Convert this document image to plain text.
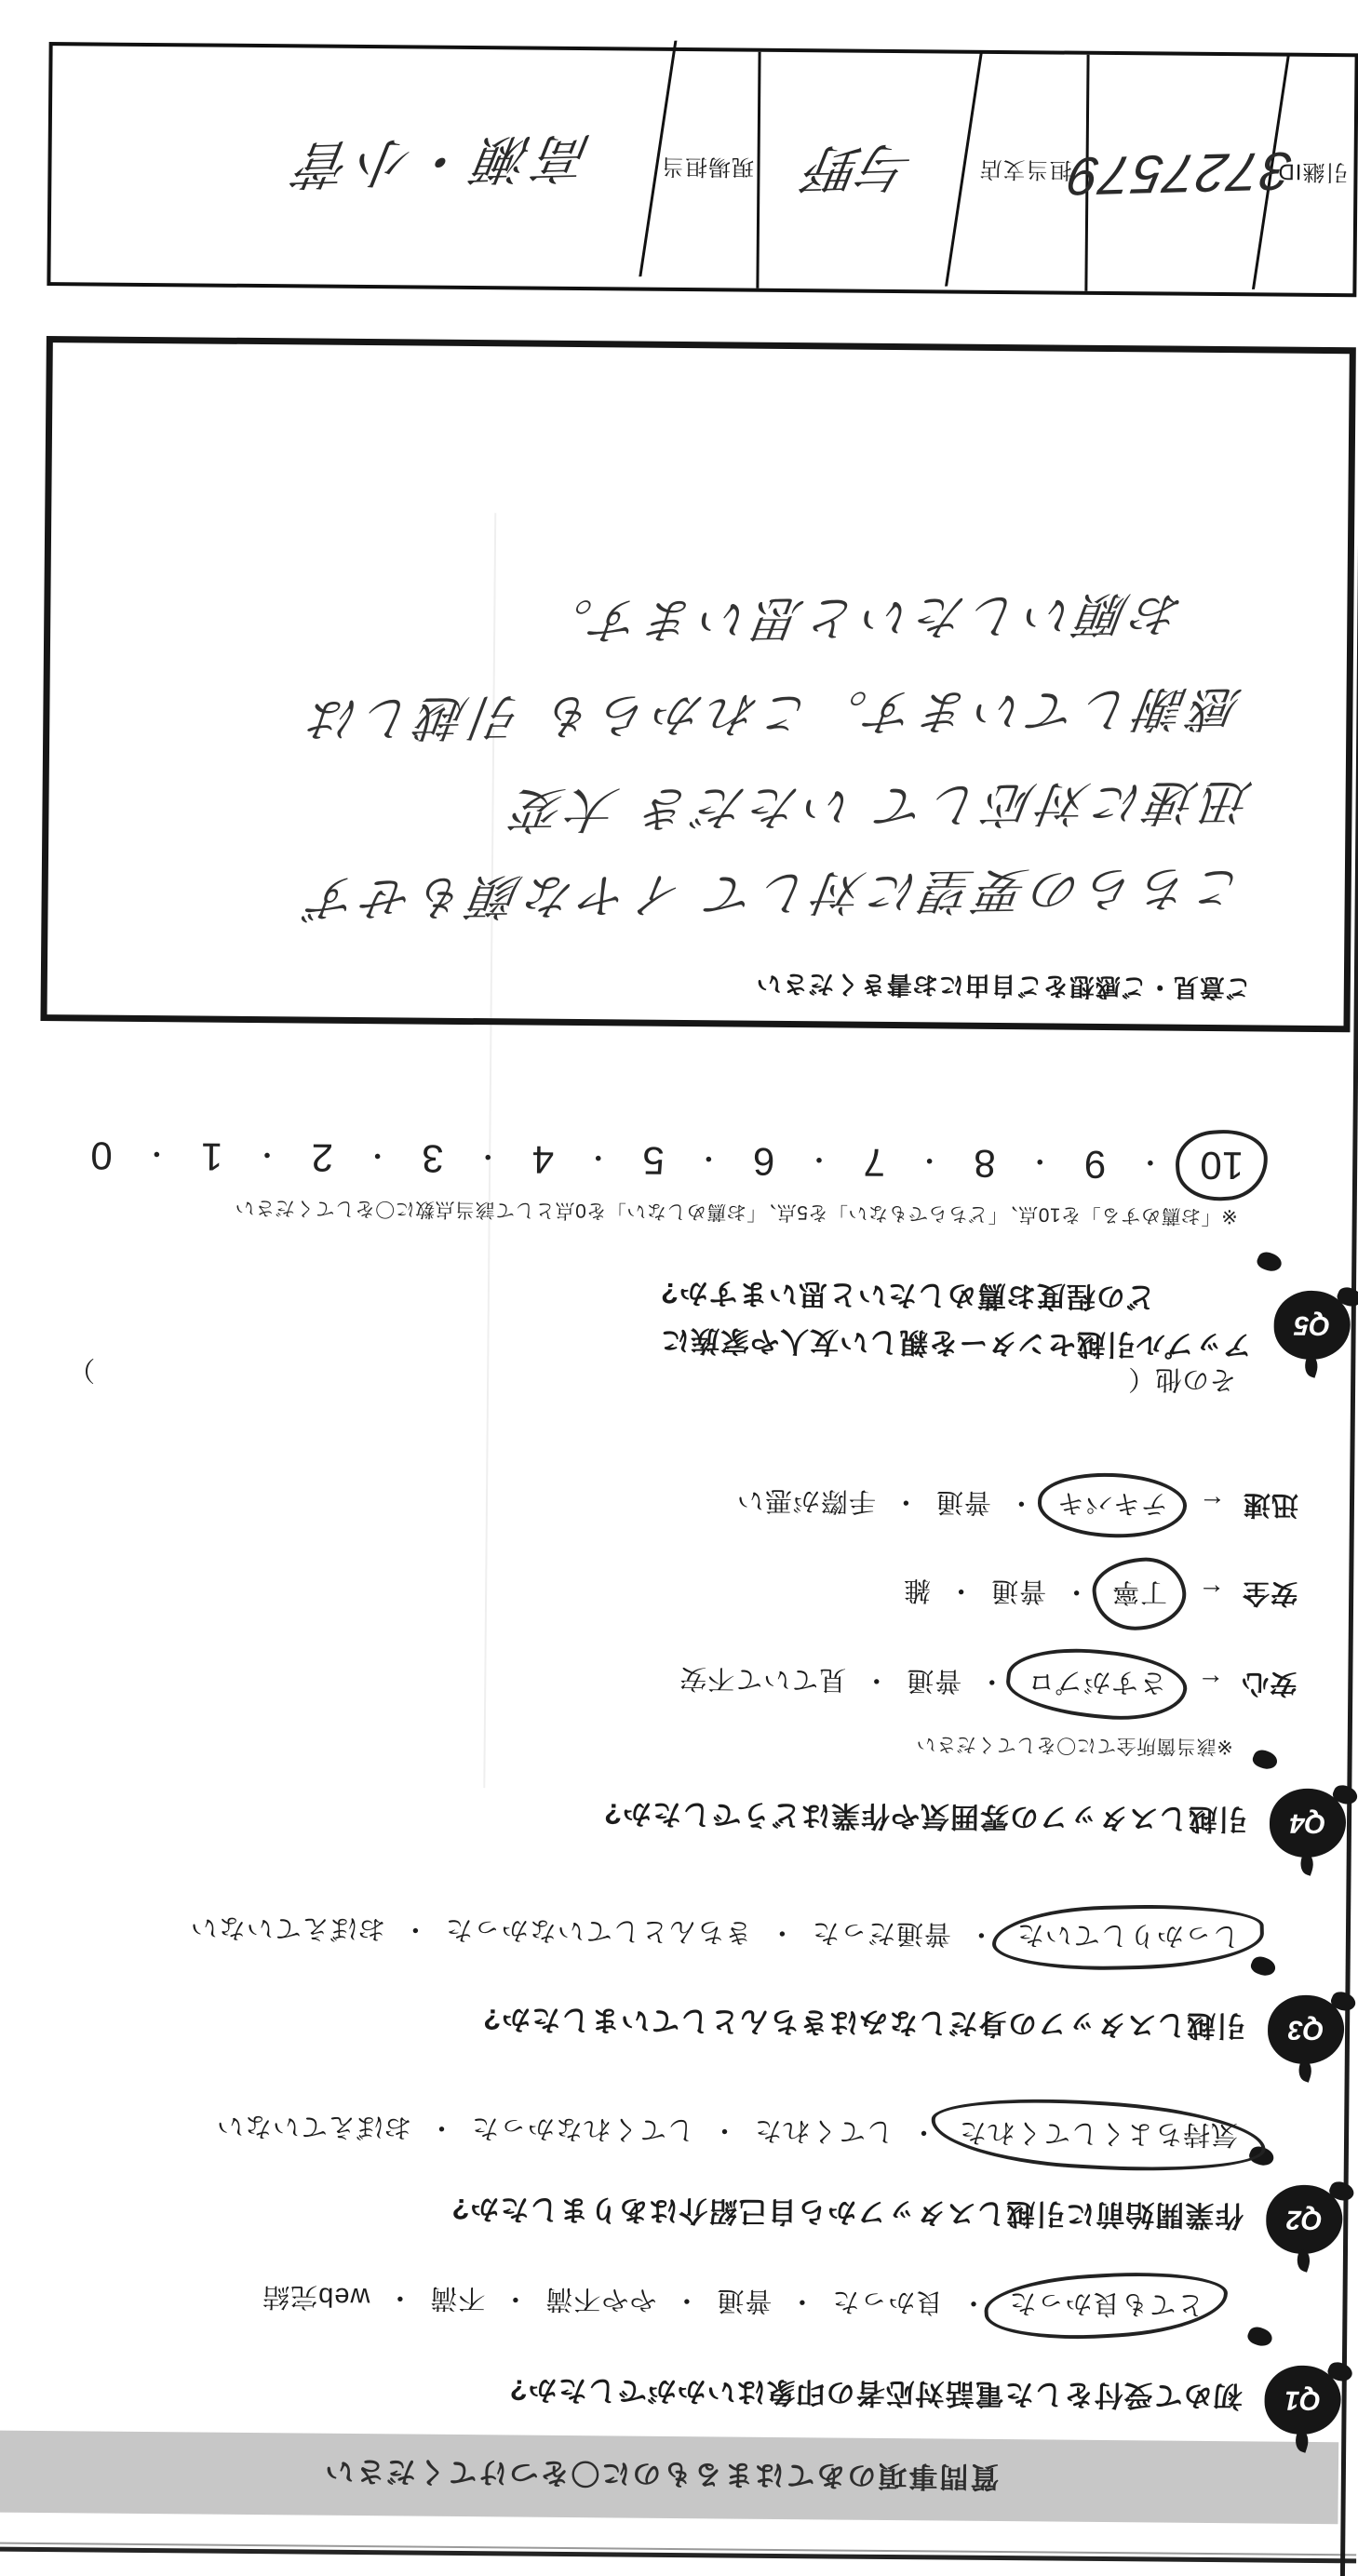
質問事項のあてはまるものに〇をつけてください
Q1
初めて受付をした電話対応者の印象はいかがでしたか?
とても良かった・良かった・普通・やや不満・不満・web完結
Q2
作業開始前に引越しスタッフから自己紹介はありましたか?
気持ちよくしてくれた・してくれた・してくれなかった・おぼえていない
Q3
引越しスタッフの身だしなみはきちんとしていましたか?
しっかりしていた・普通だった・きちんとしていなかった・おぼえていない
Q4
引越しスタッフの雰囲気や作業はどうでしたか?
※該当箇所全てに〇をしてください
安心←さすがプロ・普通・見ていて不安
安全←丁寧・普通・雑
迅速←テキパキ・普通・手際が悪い
その他
（
）
Q5
アップル引越センターを親しい友人や家族に
どの程度お薦めしたいと思いますか?
※「お薦めする」を10点、「どちらでもない」を5点、「お薦めしない」を0点として該当点数に〇をしてください
10
・
9
・
8
・
7
・
6
・
5
・
4
・
3
・
2
・
1
・
0
ご意見・ご感想をご自由にお書きください
こちらの要望に対して イヤな顔もせず
迅速に対応して いただき 大変
感謝しています。これからも 引越しは
お願いしたいと思います。
引継ID
3727579
担当支店
与野
現場担当
高瀬・小菅
